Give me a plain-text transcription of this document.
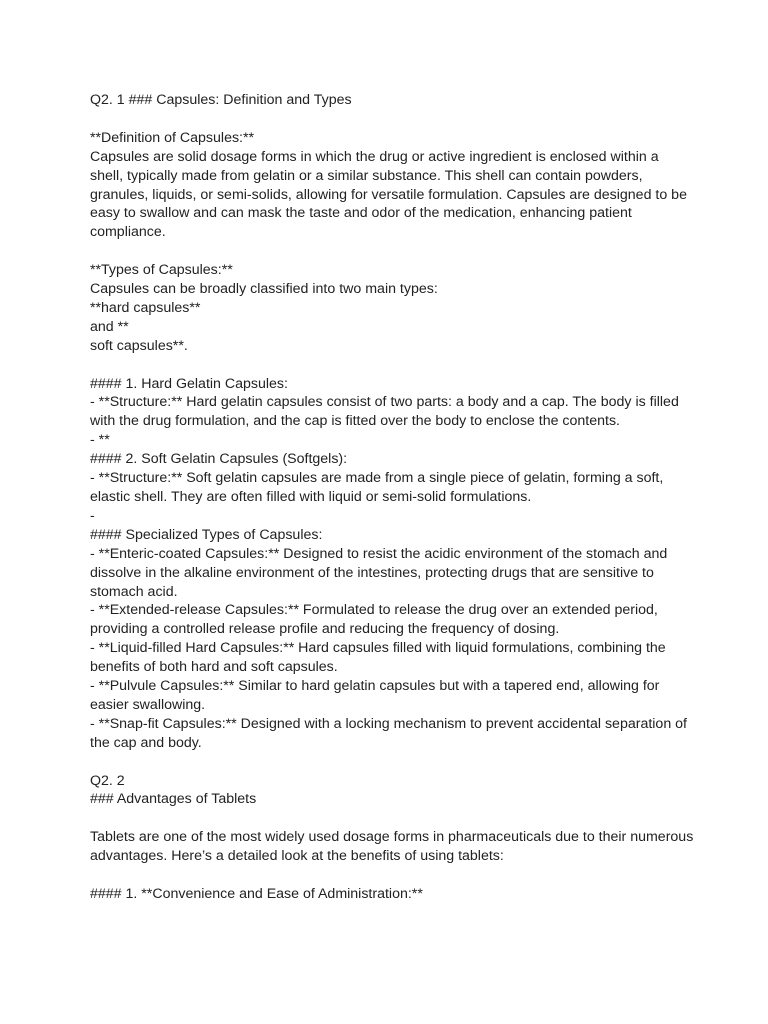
Q2. 1 ### Capsules: Definition and Types

**Definition of Capsules:**

Capsules are solid dosage forms in which the drug or active ingredient is enclosed within a

shell, typically made from gelatin or a similar substance. This shell can contain powders,

granules, liquids, or semi-solids, allowing for versatile formulation. Capsules are designed to be

easy to swallow and can mask the taste and odor of the medication, enhancing patient

compliance.

**Types of Capsules:**

Capsules can be broadly classified into two main types:

**hard capsules**

and **

soft capsules**.

#### 1. Hard Gelatin Capsules:

- **Structure:** Hard gelatin capsules consist of two parts: a body and a cap. The body is filled

with the drug formulation, and the cap is fitted over the body to enclose the contents.

- **

#### 2. Soft Gelatin Capsules (Softgels):

- **Structure:** Soft gelatin capsules are made from a single piece of gelatin, forming a soft,

elastic shell. They are often filled with liquid or semi-solid formulations.

-

#### Specialized Types of Capsules:

- **Enteric-coated Capsules:** Designed to resist the acidic environment of the stomach and

dissolve in the alkaline environment of the intestines, protecting drugs that are sensitive to

stomach acid.

- **Extended-release Capsules:** Formulated to release the drug over an extended period,

providing a controlled release profile and reducing the frequency of dosing.

- **Liquid-filled Hard Capsules:** Hard capsules filled with liquid formulations, combining the

benefits of both hard and soft capsules.

- **Pulvule Capsules:** Similar to hard gelatin capsules but with a tapered end, allowing for

easier swallowing.

- **Snap-fit Capsules:** Designed with a locking mechanism to prevent accidental separation of

the cap and body.

Q2. 2

### Advantages of Tablets

Tablets are one of the most widely used dosage forms in pharmaceuticals due to their numerous

advantages. Here’s a detailed look at the benefits of using tablets:

#### 1. **Convenience and Ease of Administration:**
